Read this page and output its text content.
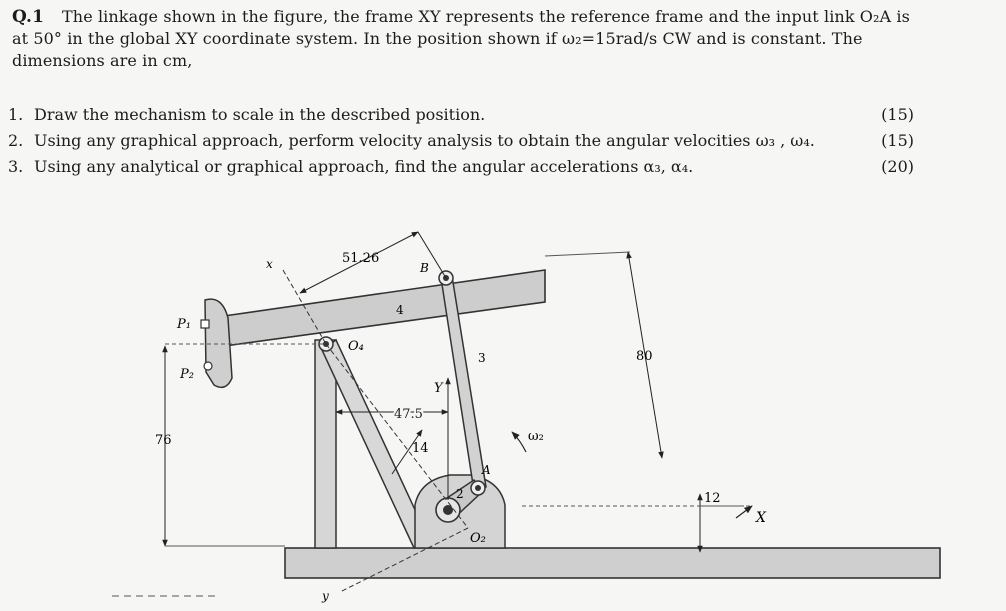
Q.1 The linkage shown in the figure, the frame XY represents the reference frame and the input link O₂A is
at 50° in the global XY coordinate system. In the position shown if ω₂=15rad/s CW and is constant. The
dimensions are in cm,
1. Draw the mechanism to scale in the described position.	(15)
2. Using any graphical approach, perform velocity analysis to obtain the angular velocities ω₃ , ω₄.	(15)
3. Using any analytical or graphical approach, find the angular accelerations α₃, α₄.	(20)
51.26
80
76
47.5
14
12
B
4
O₄
3
2
A
O₂
ω₂
P₁
P₂
Y
x
y
X
